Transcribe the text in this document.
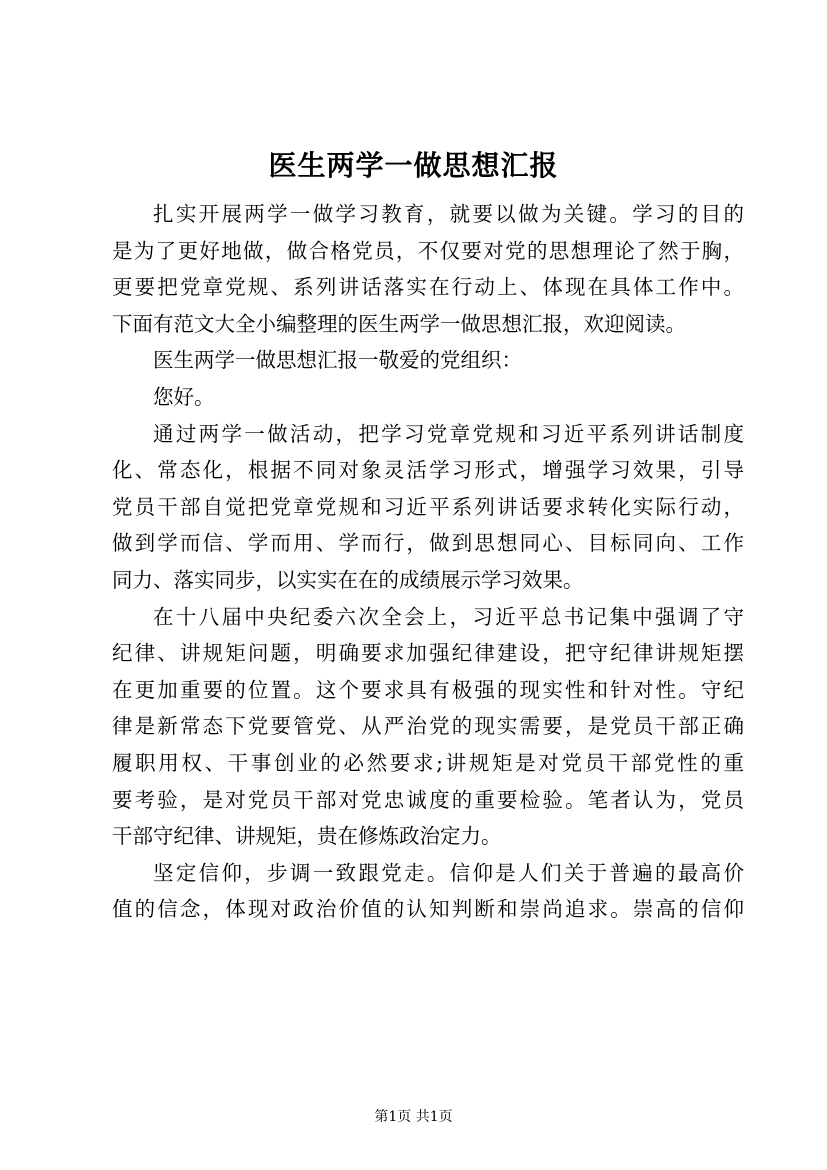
医生两学一做思想汇报

扎实开展两学一做学习教育，就要以做为关键。学习的目的
是为了更好地做，做合格党员，不仅要对党的思想理论了然于胸，
更要把党章党规、系列讲话落实在行动上、体现在具体工作中。
下面有范文大全小编整理的医生两学一做思想汇报，欢迎阅读。

医生两学一做思想汇报一敬爱的党组织：

您好。

通过两学一做活动，把学习党章党规和习近平系列讲话制度
化、常态化，根据不同对象灵活学习形式，增强学习效果，引导
党员干部自觉把党章党规和习近平系列讲话要求转化实际行动，
做到学而信、学而用、学而行，做到思想同心、目标同向、工作
同力、落实同步，以实实在在的成绩展示学习效果。

在十八届中央纪委六次全会上，习近平总书记集中强调了守
纪律、讲规矩问题，明确要求加强纪律建设，把守纪律讲规矩摆
在更加重要的位置。这个要求具有极强的现实性和针对性。守纪
律是新常态下党要管党、从严治党的现实需要，是党员干部正确
履职用权、干事创业的必然要求;讲规矩是对党员干部党性的重
要考验，是对党员干部对党忠诚度的重要检验。笔者认为，党员
干部守纪律、讲规矩，贵在修炼政治定力。

坚定信仰，步调一致跟党走。信仰是人们关于普遍的最高价
值的信念，体现对政治价值的认知判断和崇尚追求。崇高的信仰

第1页 共1页
